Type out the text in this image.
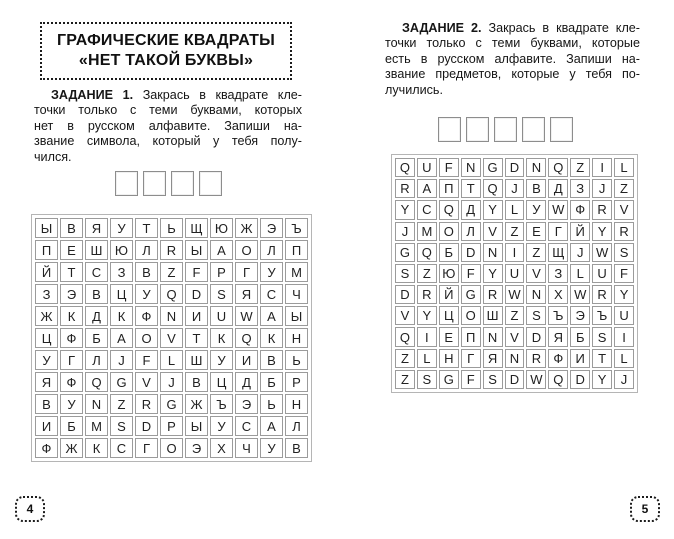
ГРАФИЧЕСКИЕ КВАДРАТЫ
«НЕТ ТАКОЙ БУКВЫ»
ЗАДАНИЕ 1. Закрась в квадрате кле-
точки только с теми буквами, которых
нет в русском алфавите. Запиши на-
звание символа, который у тебя полу-
чился.
Ы	В	Я	У	Т	Ь	Щ Ю Ж	Э	Ъ
П	Е	Ш Ю	Л	R	Ы	А	О	Л	П
Й	Т	С	З	В	Z	F	Р	Г	У	М
З	Э	В	Ц	У	Q	D	S	Я	С	Ч
Ж	К	Д	К	Ф	N	И	U	W	А	Ы
Ц	Ф	Б	А	О	V	Т	К	Q	К	Н
У	Г	Л	J	F	L	Ш	У	И	В	Ь
Я	Ф	Q	G	V	J	В	Ц	Д	Б	Р
В	У	N	Z	R	G	Ж	Ъ	Э	Ь	Н
И	Б	M	S	D	Р	Ы	У	С	А	Л
Ф	Ж	К	С	Г	О	Э	Х	Ч	У	В
4
ЗАДАНИЕ 2. Закрась в квадрате кле-
точки только с теми буквами, которые
есть в русском алфавите. Запиши на-
звание предметов, которые у тебя по-
лучились.
Q U	F	N G D N Q Z	I	L
R А П	Т Q	J	В	Д	З	J	Z
Y С Q Д	Y	L	У W Ф R V
J	М О Л	V	Z	Е	Г	Й Y R
G Q Б D N	I	Z Щ J W S
S	Z Ю F	Y U V	З	L	U	F
D R Й G R W N Х W R Y
V	Y Ц О Ш Z	S Ъ Э Ъ U
Q	I	Е П N V D Я Б	S	I
Z	L	Н	Г	Я N R Ф И	Т	L
Z	S G F	S D W Q D Y	J
5
